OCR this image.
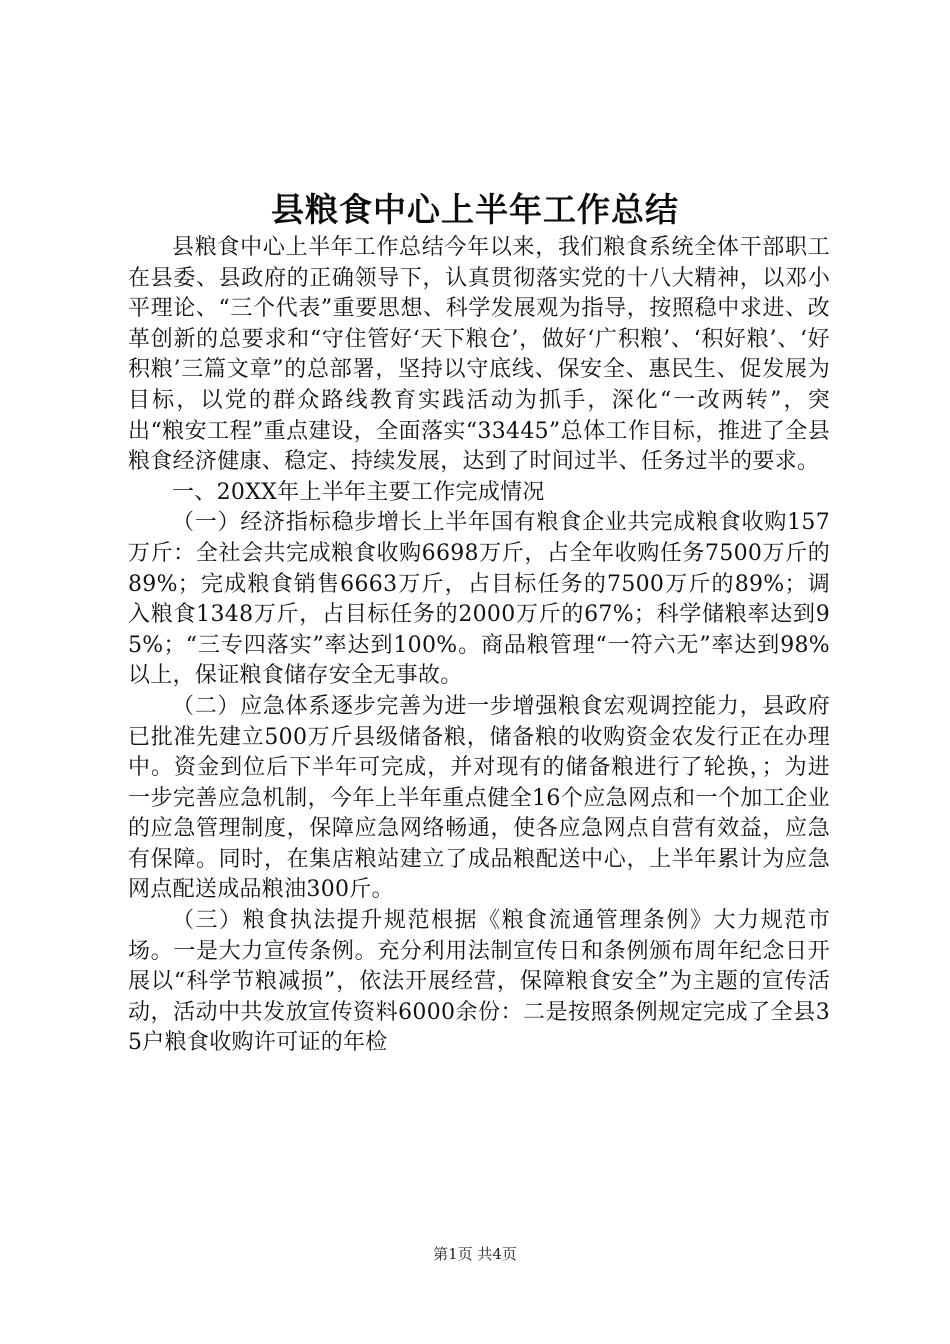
县粮食中心上半年工作总结

县粮食中心上半年工作总结今年以来，我们粮食系统全体干部职工在县委、县政府的正确领导下，认真贯彻落实党的十八大精神，以邓小平理论、“三个代表”重要思想、科学发展观为指导，按照稳中求进、改革创新的总要求和“守住管好‘天下粮仓’，做好‘广积粮’、‘积好粮’、‘好积粮’三篇文章”的总部署，坚持以守底线、保安全、惠民生、促发展为目标，以党的群众路线教育实践活动为抓手，深化“一改两转”，突出“粮安工程”重点建设，全面落实“33445”总体工作目标，推进了全县粮食经济健康、稳定、持续发展，达到了时间过半、任务过半的要求。

一、20XX年上半年主要工作完成情况

（一）经济指标稳步增长上半年国有粮食企业共完成粮食收购157万斤：全社会共完成粮食收购6698万斤，占全年收购任务7500万斤的89%；完成粮食销售6663万斤，占目标任务的7500万斤的89%；调入粮食1348万斤，占目标任务的2000万斤的67%；科学储粮率达到95%；“三专四落实”率达到100%。商品粮管理“一符六无”率达到98%以上，保证粮食储存安全无事故。

（二）应急体系逐步完善为进一步增强粮食宏观调控能力，县政府已批准先建立500万斤县级储备粮，储备粮的收购资金农发行正在办理中。资金到位后下半年可完成，并对现有的储备粮进行了轮换，；为进一步完善应急机制，今年上半年重点健全16个应急网点和一个加工企业的应急管理制度，保障应急网络畅通，使各应急网点自营有效益，应急有保障。同时，在集店粮站建立了成品粮配送中心，上半年累计为应急网点配送成品粮油300斤。

（三）粮食执法提升规范根据《粮食流通管理条例》大力规范市场。一是大力宣传条例。充分利用法制宣传日和条例颁布周年纪念日开展以“科学节粮减损”，依法开展经营，保障粮食安全”为主题的宣传活动，活动中共发放宣传资料6000余份：二是按照条例规定完成了全县35户粮食收购许可证的年检

第1页 共4页
